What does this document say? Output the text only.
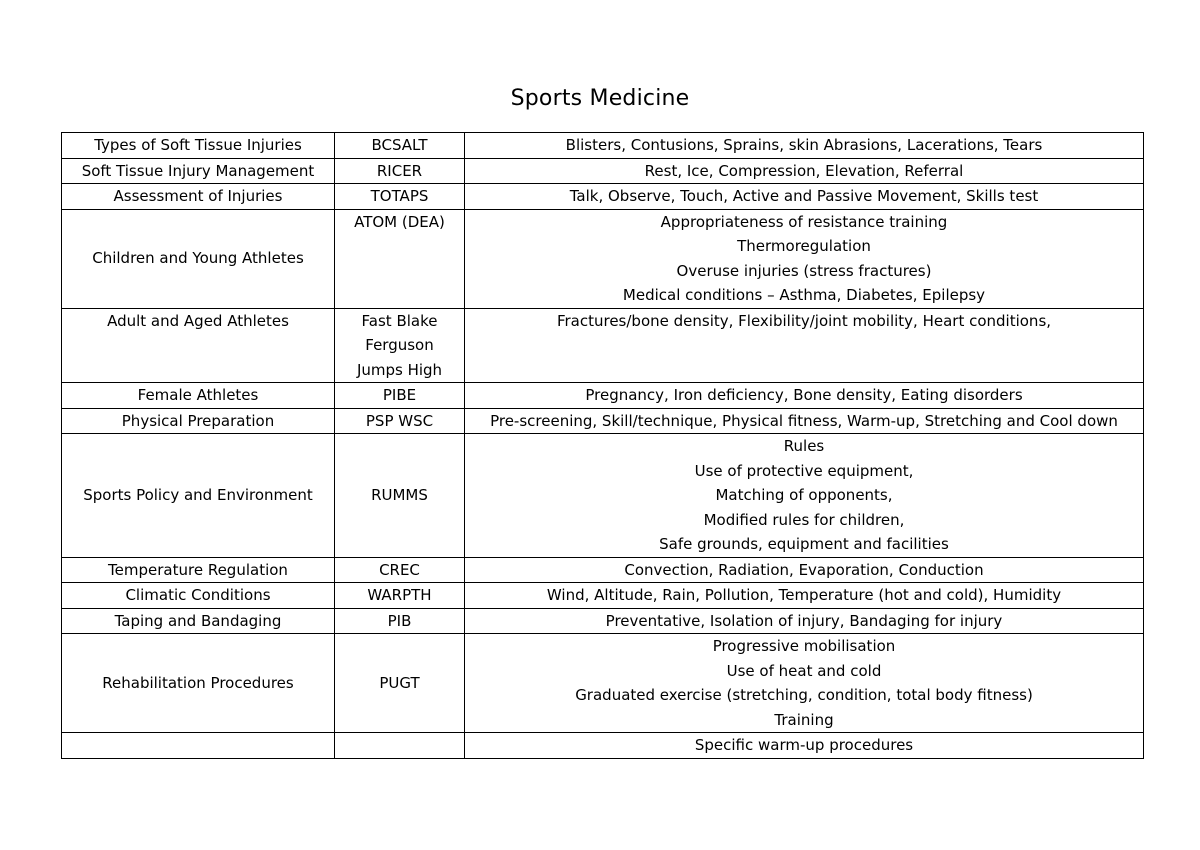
Sports Medicine
Types of Soft Tissue Injuries	BCSALT	Blisters, Contusions, Sprains, skin Abrasions, Lacerations, Tears

Soft Tissue Injury Management	RICER	Rest, Ice, Compression, Elevation, Referral

Assessment of Injuries	TOTAPS	Talk, Observe, Touch, Active and Passive Movement, Skills test

Children and Young Athletes	ATOM (DEA)	Appropriateness of resistance training
Thermoregulation
Overuse injuries (stress fractures)
Medical conditions – Asthma, Diabetes, Epilepsy

Adult and Aged Athletes	Fast Blake
Ferguson
Jumps High	Fractures/bone density, Flexibility/joint mobility, Heart conditions,

Female Athletes	PIBE	Pregnancy, Iron deficiency, Bone density, Eating disorders

Physical Preparation	PSP WSC	Pre-screening, Skill/technique, Physical fitness, Warm-up, Stretching and Cool down

Sports Policy and Environment	RUMMS	Rules
Use of protective equipment,
Matching of opponents,
Modified rules for children,
Safe grounds, equipment and facilities

Temperature Regulation	CREC	Convection, Radiation, Evaporation, Conduction

Climatic Conditions	WARPTH	Wind, Altitude, Rain, Pollution, Temperature (hot and cold), Humidity

Taping and Bandaging	PIB	Preventative, Isolation of injury, Bandaging for injury

Rehabilitation Procedures	PUGT	Progressive mobilisation
Use of heat and cold
Graduated exercise (stretching, condition, total body fitness)
Training

		Specific warm-up procedures
